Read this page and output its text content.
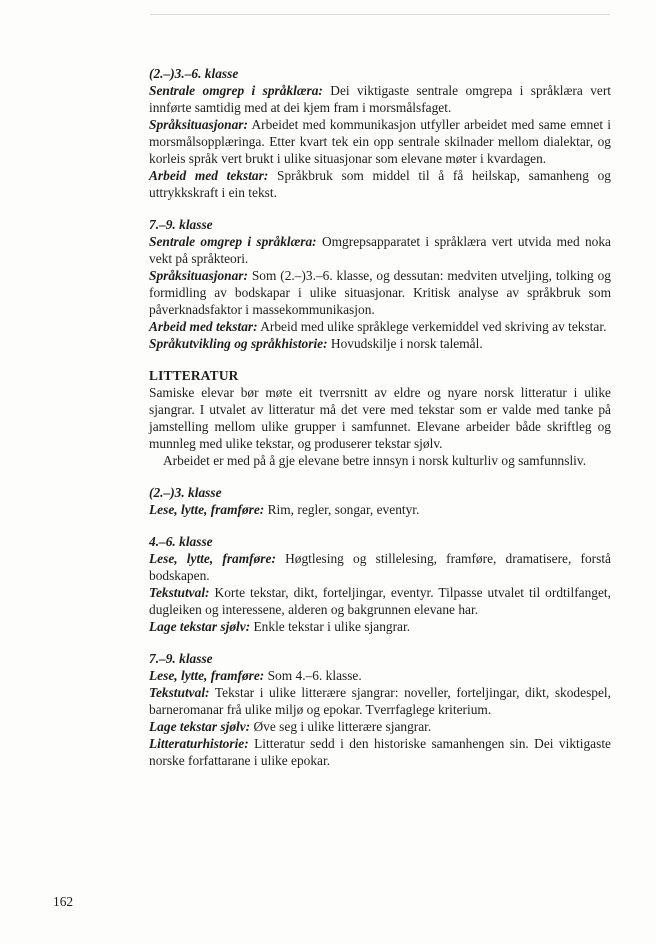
(2.–)3.–6. klasse

Sentrale omgrep i språklæra: Dei viktigaste sentrale omgrepa i språklæra vert innførte samtidig med at dei kjem fram i morsmålsfaget.

Språksituasjonar: Arbeidet med kommunikasjon utfyller arbeidet med same emnet i morsmålsopplæringa. Etter kvart tek ein opp sentrale skilnader mellom dialektar, og korleis språk vert brukt i ulike situasjonar som elevane møter i kvardagen.

Arbeid med tekstar: Språkbruk som middel til å få heilskap, samanheng og uttrykkskraft i ein tekst.

7.–9. klasse

Sentrale omgrep i språklæra: Omgrepsapparatet i språklæra vert utvida med noka vekt på språkteori.

Språksituasjonar: Som (2.–)3.–6. klasse, og dessutan: medviten utveljing, tolking og formidling av bodskapar i ulike situasjonar. Kritisk analyse av språkbruk som påverknadsfaktor i massekommunikasjon.

Arbeid med tekstar: Arbeid med ulike språklege verkemiddel ved skriving av tekstar.

Språkutvikling og språkhistorie: Hovudskilje i norsk talemål.

LITTERATUR

Samiske elevar bør møte eit tverrsnitt av eldre og nyare norsk litteratur i ulike sjangrar. I utvalet av litteratur må det vere med tekstar som er valde med tanke på jamstelling mellom ulike grupper i samfunnet. Elevane arbeider både skriftleg og munnleg med ulike tekstar, og produserer tekstar sjølv.

Arbeidet er med på å gje elevane betre innsyn i norsk kulturliv og samfunnsliv.

(2.–)3. klasse

Lese, lytte, framføre: Rim, regler, songar, eventyr.

4.–6. klasse

Lese, lytte, framføre: Høgtlesing og stillelesing, framføre, dramatisere, forstå bodskapen.

Tekstutval: Korte tekstar, dikt, forteljingar, eventyr. Tilpasse utvalet til ordtilfanget, dugleiken og interessene, alderen og bakgrunnen elevane har.

Lage tekstar sjølv: Enkle tekstar i ulike sjangrar.

7.–9. klasse

Lese, lytte, framføre: Som 4.–6. klasse.

Tekstutval: Tekstar i ulike litterære sjangrar: noveller, forteljingar, dikt, skodespel, barneromanar frå ulike miljø og epokar. Tverrfaglege kriterium.

Lage tekstar sjølv: Øve seg i ulike litterære sjangrar.

Litteraturhistorie: Litteratur sedd i den historiske samanhengen sin. Dei viktigaste norske forfattarane i ulike epokar.

162
